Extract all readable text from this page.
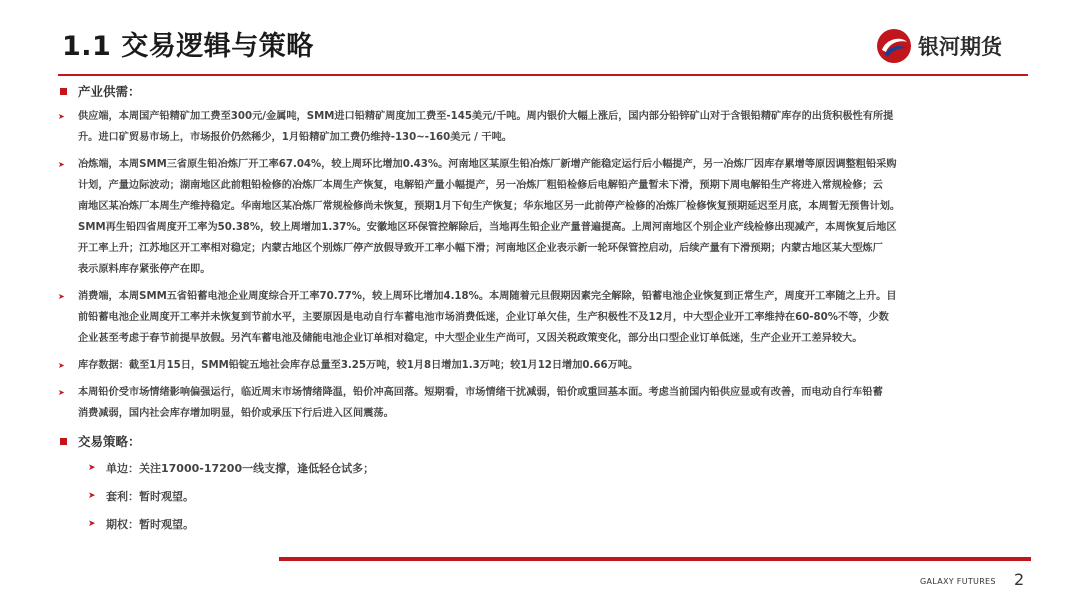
1.1 交易逻辑与策略	银河期货
产业供需：
➤	供应端，本周国产铅精矿加工费至300元/金属吨，SMM进口铅精矿周度加工费至-145美元/千吨。周内银价大幅上涨后，国内部分铅锌矿山对于含银铅精矿库存的出货积极性有所提
升。进口矿贸易市场上，市场报价仍然稀少，1月铅精矿加工费仍维持-130~-160美元 / 干吨。
➤	冶炼端，本周SMM三省原生铅冶炼厂开工率67.04%，较上周环比增加0.43%。河南地区某原生铅冶炼厂新增产能稳定运行后小幅提产，另一冶炼厂因库存累增等原因调整粗铅采购
计划，产量边际波动；湖南地区此前粗铅检修的冶炼厂本周生产恢复，电解铅产量小幅提产，另一冶炼厂粗铅检修后电解铅产量暂未下滑，预期下周电解铅生产将进入常规检修；云
南地区某冶炼厂本周生产维持稳定。华南地区某冶炼厂常规检修尚未恢复，预期1月下旬生产恢复；华东地区另一此前停产检修的冶炼厂检修恢复预期延迟至月底，本周暂无预售计划。
SMM再生铅四省周度开工率为50.38%，较上周增加1.37%。安徽地区环保管控解除后，当地再生铅企业产量普遍提高。上周河南地区个别企业产线检修出现减产，本周恢复后地区
开工率上升；江苏地区开工率相对稳定；内蒙古地区个别炼厂停产放假导致开工率小幅下滑；河南地区企业表示新一轮环保管控启动，后续产量有下滑预期；内蒙古地区某大型炼厂
表示原料库存紧张停产在即。
➤	消费端，本周SMM五省铅蓄电池企业周度综合开工率70.77%，较上周环比增加4.18%。本周随着元旦假期因素完全解除，铅蓄电池企业恢复到正常生产，周度开工率随之上升。目
前铅蓄电池企业周度开工率并未恢复到节前水平，主要原因是电动自行车蓄电池市场消费低迷，企业订单欠佳，生产积极性不及12月，中大型企业开工率维持在60-80%不等，少数
企业甚至考虑于春节前提早放假。另汽车蓄电池及储能电池企业订单相对稳定，中大型企业生产尚可，又因关税政策变化，部分出口型企业订单低迷，生产企业开工差异较大。
➤	库存数据：截至1月15日，SMM铅锭五地社会库存总量至3.25万吨，较1月8日增加1.3万吨；较1月12日增加0.66万吨。
➤	本周铅价受市场情绪影响偏强运行，临近周末市场情绪降温，铅价冲高回落。短期看，市场情绪干扰减弱，铅价或重回基本面。考虑当前国内铅供应显或有改善，而电动自行车铅蓄
消费减弱，国内社会库存增加明显，铅价或承压下行后进入区间震荡。
交易策略：
➤ 单边：关注17000-17200一线支撑，逢低轻仓试多；
➤ 套利：暂时观望。
➤ 期权：暂时观望。
GALAXY FUTURES 2
